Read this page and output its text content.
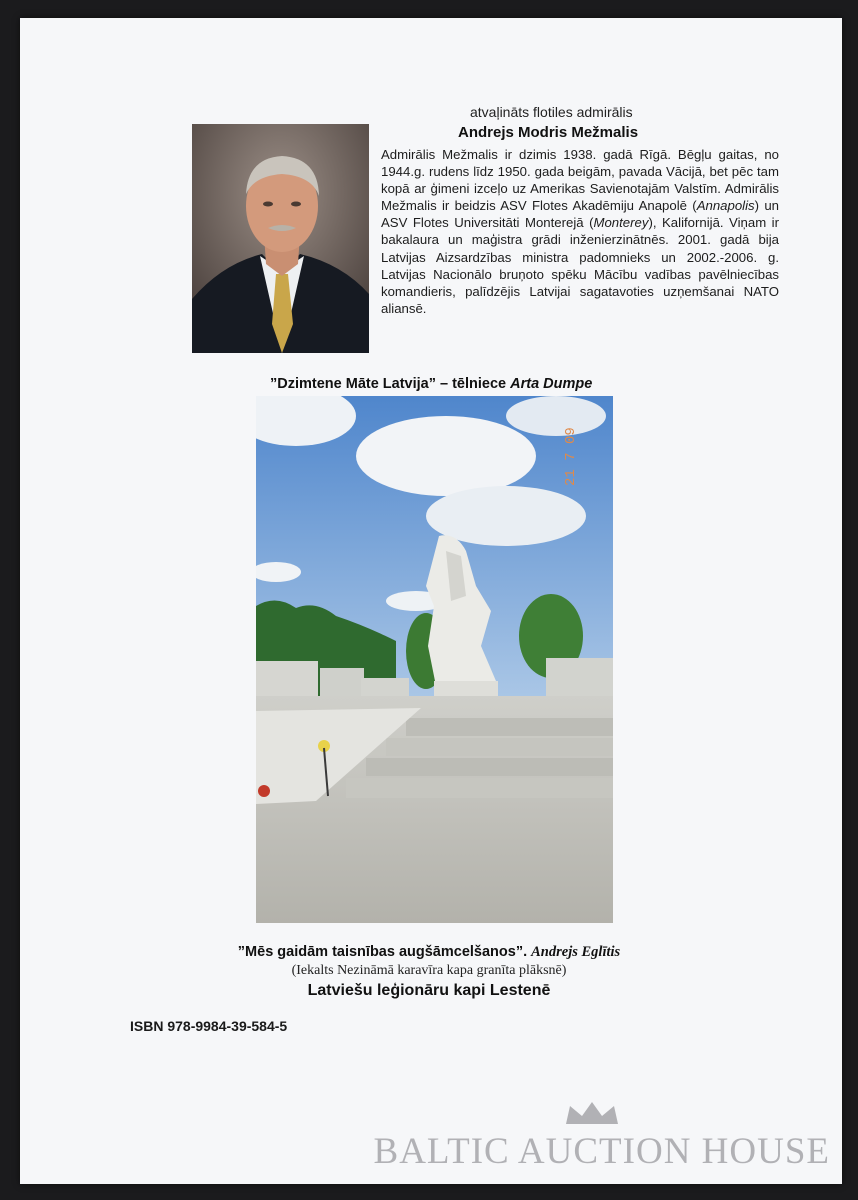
atvaļināts flotiles admirālis
Andrejs Modris Mežmalis
Admirālis Mežmalis ir dzimis 1938. gadā Rīgā. Bēgļu gaitas, no 1944.g. rudens līdz 1950. gada beigām, pavada Vācijā, bet pēc tam kopā ar ģimeni izceļo uz Amerikas Savienotajām Valstīm. Admirālis Mežmalis ir beidzis ASV Flotes Akadēmiju Anapolē (Annapolis) un ASV Flotes Universitāti Monterejā (Monterey), Kalifornijā. Viņam ir bakalaura un maģistra grādi inženierzinātnēs. 2001. gadā bija Latvijas Aizsardzības ministra padomnieks un 2002.-2006. g. Latvijas Nacionālo bruņoto spēku Mācību vadības pavēlniecības komandieris, palīdzējis Latvijai sagatavoties uzņemšanai NATO aliansē.
”Dzimtene Māte Latvija” – tēlniece Arta Dumpe
21 7 09
”Mēs gaidām taisnības augšāmcelšanos”. Andrejs Eglītis
(Iekalts Nezināmā karavīra kapa granīta plāksnē)
Latviešu leģionāru kapi Lestenē
ISBN 978-9984-39-584-5
BALTIC AUCTION HOUSE
